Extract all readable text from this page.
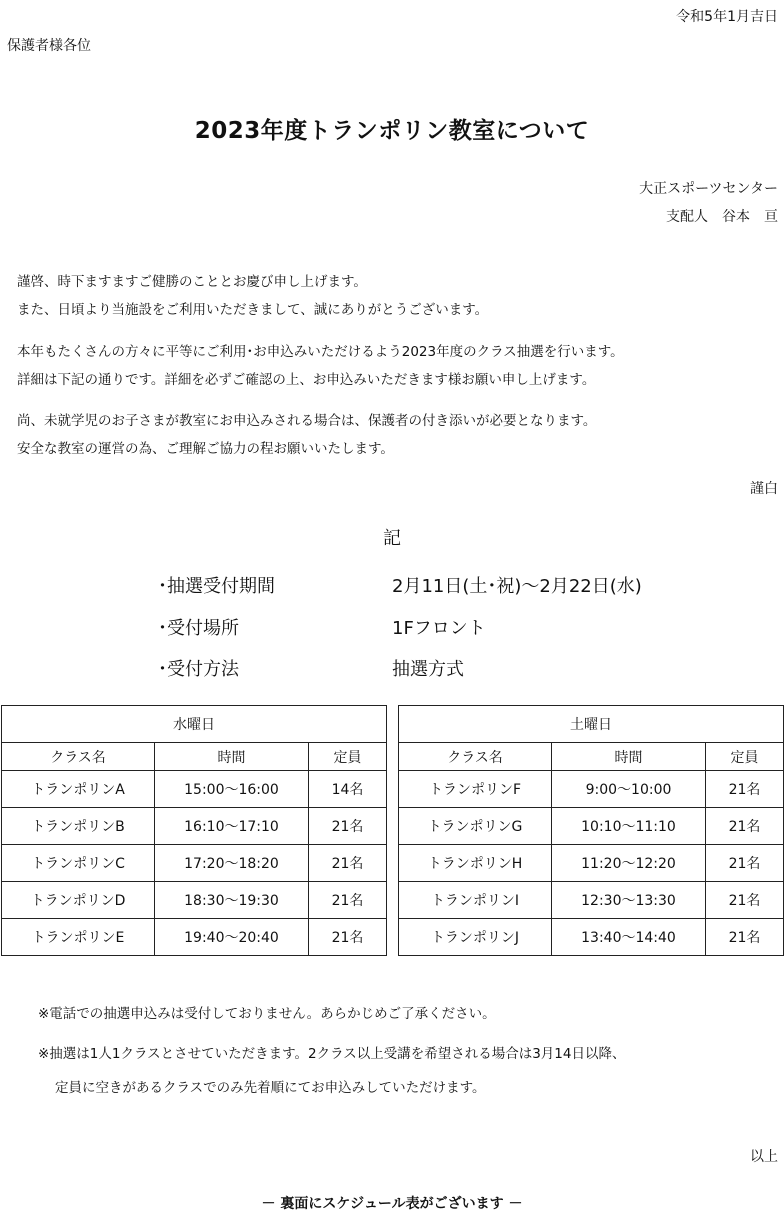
令和5年1月吉日
保護者様各位
2023年度トランポリン教室について
大正スポーツセンター
支配人　谷本　亘
謹啓、時下ますますご健勝のこととお慶び申し上げます。
また、日頃より当施設をご利用いただきまして、誠にありがとうございます。
本年もたくさんの方々に平等にご利用･お申込みいただけるよう2023年度のクラス抽選を行います。
詳細は下記の通りです。詳細を必ずご確認の上、お申込みいただきます様お願い申し上げます。
尚、未就学児のお子さまが教室にお申込みされる場合は、保護者の付き添いが必要となります。
安全な教室の運営の為、ご理解ご協力の程お願いいたします。
謹白
記
･抽選受付期間	2月11日(土･祝)～2月22日(水)
･受付場所	1Fフロント
･受付方法	抽選方式
水曜日		
クラス名	時間	定員
トランポリンA	15:00～16:00	14名
トランポリンB	16:10～17:10	21名
トランポリンC	17:20～18:20	21名
トランポリンD	18:30～19:30	21名
トランポリンE	19:40～20:40	21名
土曜日		
クラス名	時間	定員
トランポリンF	9:00～10:00	21名
トランポリンG	10:10～11:10	21名
トランポリンH	11:20～12:20	21名
トランポリンⅠ	12:30～13:30	21名
トランポリンJ	13:40～14:40	21名
※電話での抽選申込みは受付しておりません。あらかじめご了承ください。
※抽選は1人1クラスとさせていただきます。2クラス以上受講を希望される場合は3月14日以降、
定員に空きがあるクラスでのみ先着順にてお申込みしていただけます。
以上
－ 裏面にスケジュール表がございます －
